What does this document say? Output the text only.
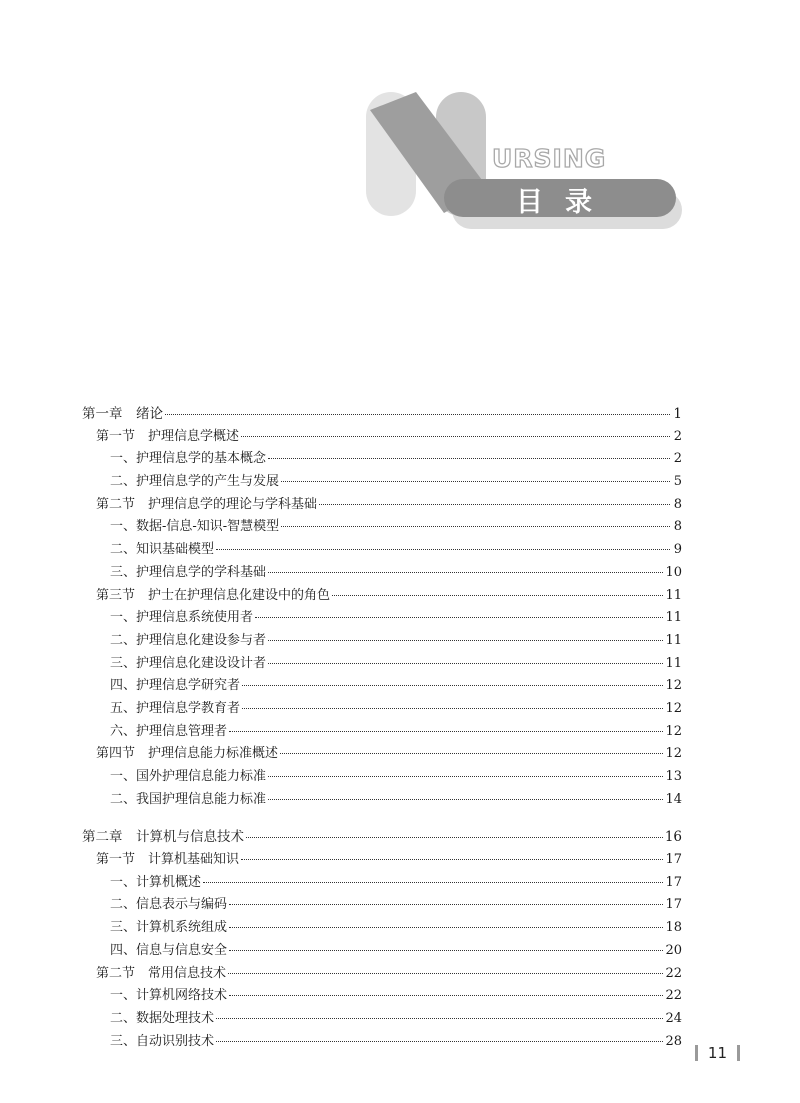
URSING
目录
第一章　绪论	1
第一节　护理信息学概述	2
一、护理信息学的基本概念	2
二、护理信息学的产生与发展	5
第二节　护理信息学的理论与学科基础	8
一、数据-信息-知识-智慧模型	8
二、知识基础模型	9
三、护理信息学的学科基础	10
第三节　护士在护理信息化建设中的角色	11
一、护理信息系统使用者	11
二、护理信息化建设参与者	11
三、护理信息化建设设计者	11
四、护理信息学研究者	12
五、护理信息学教育者	12
六、护理信息管理者	12
第四节　护理信息能力标准概述	12
一、国外护理信息能力标准	13
二、我国护理信息能力标准	14
第二章　计算机与信息技术	16
第一节　计算机基础知识	17
一、计算机概述	17
二、信息表示与编码	17
三、计算机系统组成	18
四、信息与信息安全	20
第二节　常用信息技术	22
一、计算机网络技术	22
二、数据处理技术	24
三、自动识别技术	28
11
